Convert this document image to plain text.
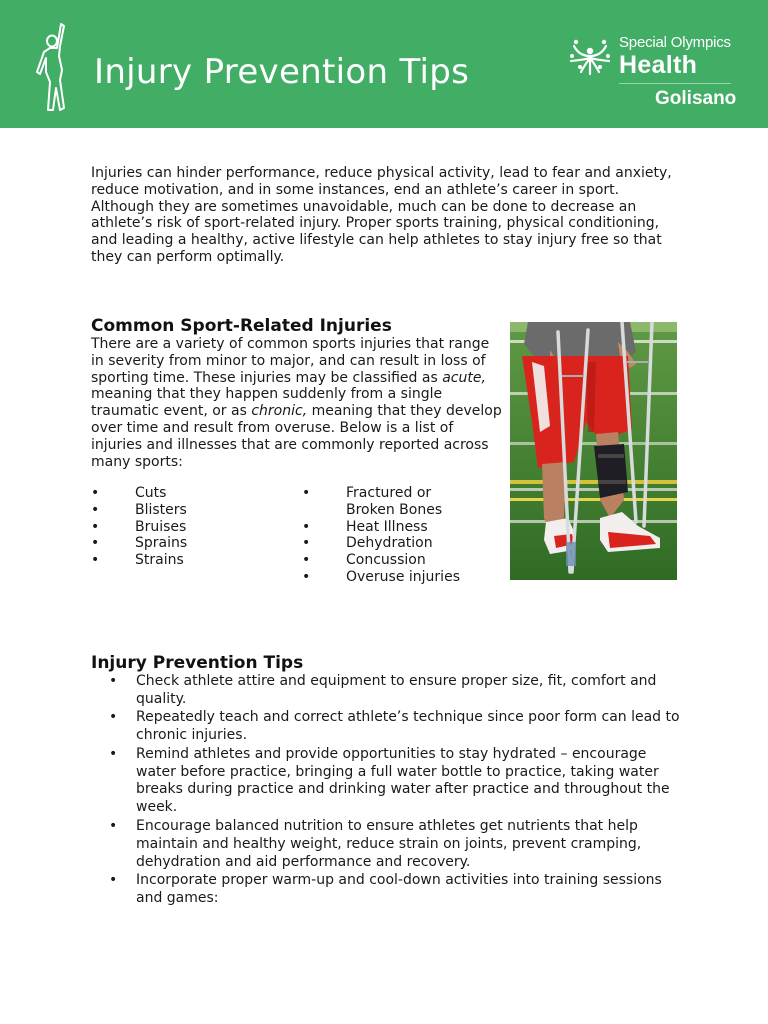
Injury Prevention Tips
Special Olympics
Health
Golisano

Injuries can hinder performance, reduce physical activity, lead to fear and anxiety, reduce motivation, and in some instances, end an athlete’s career in sport. Although they are sometimes unavoidable, much can be done to decrease an athlete’s risk of sport-related injury. Proper sports training, physical conditioning, and leading a healthy, active lifestyle can help athletes to stay injury free so that they can perform optimally.

Common Sport-Related Injuries

There are a variety of common sports injuries that range in severity from minor to major, and can result in loss of sporting time. These injuries may be classified as acute, meaning that they happen suddenly from a single traumatic event, or as chronic, meaning that they develop over time and result from overuse. Below is a list of injuries and illnesses that are commonly reported across many sports:

•	Cuts
•	Blisters
•	Bruises
•	Sprains
•	Strains
•	Fractured or Broken Bones
•	Heat Illness
•	Dehydration
•	Concussion
•	Overuse injuries
Injury Prevention Tips
• Check athlete attire and equipment to ensure proper size, fit, comfort and quality.
• Repeatedly teach and correct athlete’s technique since poor form can lead to chronic injuries.
• Remind athletes and provide opportunities to stay hydrated – encourage water before practice, bringing a full water bottle to practice, taking water breaks during practice and drinking water after practice and throughout the week.
• Encourage balanced nutrition to ensure athletes get nutrients that help maintain and healthy weight, reduce strain on joints, prevent cramping, dehydration and aid performance and recovery.
• Incorporate proper warm-up and cool-down activities into training sessions and games:
